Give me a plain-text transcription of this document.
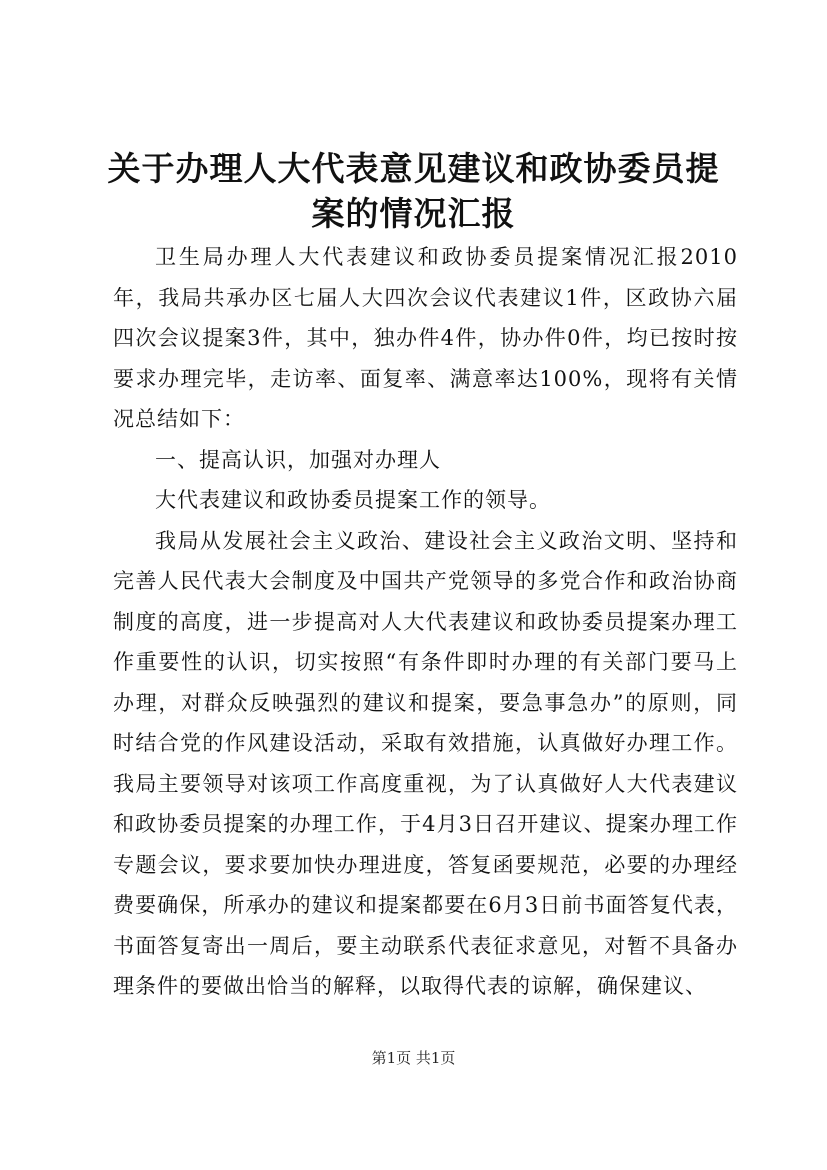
关于办理人大代表意见建议和政协委员提案的情况汇报

卫生局办理人大代表建议和政协委员提案情况汇报2010年，我局共承办区七届人大四次会议代表建议1件，区政协六届四次会议提案3件，其中，独办件4件，协办件0件，均已按时按要求办理完毕，走访率、面复率、满意率达100%，现将有关情况总结如下：

一、提高认识，加强对办理人

大代表建议和政协委员提案工作的领导。

我局从发展社会主义政治、建设社会主义政治文明、坚持和完善人民代表大会制度及中国共产党领导的多党合作和政治协商制度的高度，进一步提高对人大代表建议和政协委员提案办理工作重要性的认识，切实按照“有条件即时办理的有关部门要马上办理，对群众反映强烈的建议和提案，要急事急办”的原则，同时结合党的作风建设活动，采取有效措施，认真做好办理工作。我局主要领导对该项工作高度重视，为了认真做好人大代表建议和政协委员提案的办理工作，于4月3日召开建议、提案办理工作专题会议，要求要加快办理进度，答复函要规范，必要的办理经费要确保，所承办的建议和提案都要在6月3日前书面答复代表，书面答复寄出一周后，要主动联系代表征求意见，对暂不具备办理条件的要做出恰当的解释，以取得代表的谅解，确保建议、

第1页 共1页
